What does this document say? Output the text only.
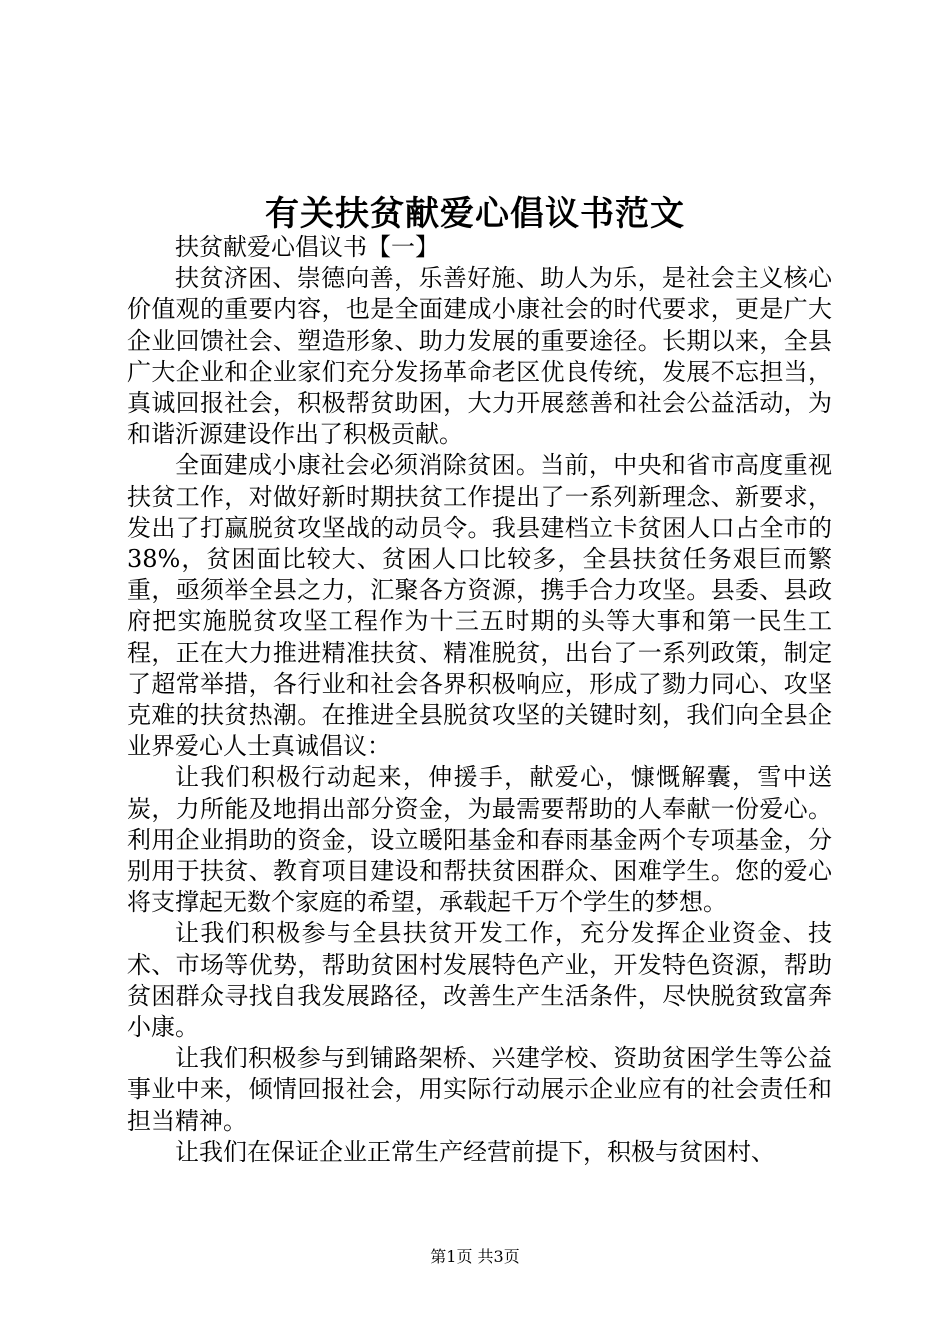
有关扶贫献爱心倡议书范文

扶贫献爱心倡议书【一】

扶贫济困、崇德向善，乐善好施、助人为乐，是社会主义核心价值观的重要内容，也是全面建成小康社会的时代要求，更是广大企业回馈社会、塑造形象、助力发展的重要途径。长期以来，全县广大企业和企业家们充分发扬革命老区优良传统，发展不忘担当，真诚回报社会，积极帮贫助困，大力开展慈善和社会公益活动，为和谐沂源建设作出了积极贡献。

全面建成小康社会必须消除贫困。当前，中央和省市高度重视扶贫工作，对做好新时期扶贫工作提出了一系列新理念、新要求，发出了打赢脱贫攻坚战的动员令。我县建档立卡贫困人口占全市的38%，贫困面比较大、贫困人口比较多，全县扶贫任务艰巨而繁重，亟须举全县之力，汇聚各方资源，携手合力攻坚。县委、县政府把实施脱贫攻坚工程作为十三五时期的头等大事和第一民生工程，正在大力推进精准扶贫、精准脱贫，出台了一系列政策，制定了超常举措，各行业和社会各界积极响应，形成了勠力同心、攻坚克难的扶贫热潮。在推进全县脱贫攻坚的关键时刻，我们向全县企业界爱心人士真诚倡议：

让我们积极行动起来，伸援手，献爱心，慷慨解囊，雪中送炭，力所能及地捐出部分资金，为最需要帮助的人奉献一份爱心。利用企业捐助的资金，设立暖阳基金和春雨基金两个专项基金，分别用于扶贫、教育项目建设和帮扶贫困群众、困难学生。您的爱心将支撑起无数个家庭的希望，承载起千万个学生的梦想。

让我们积极参与全县扶贫开发工作，充分发挥企业资金、技术、市场等优势，帮助贫困村发展特色产业，开发特色资源，帮助贫困群众寻找自我发展路径，改善生产生活条件，尽快脱贫致富奔小康。

让我们积极参与到铺路架桥、兴建学校、资助贫困学生等公益事业中来，倾情回报社会，用实际行动展示企业应有的社会责任和担当精神。

让我们在保证企业正常生产经营前提下，积极与贫困村、

第1页 共3页
